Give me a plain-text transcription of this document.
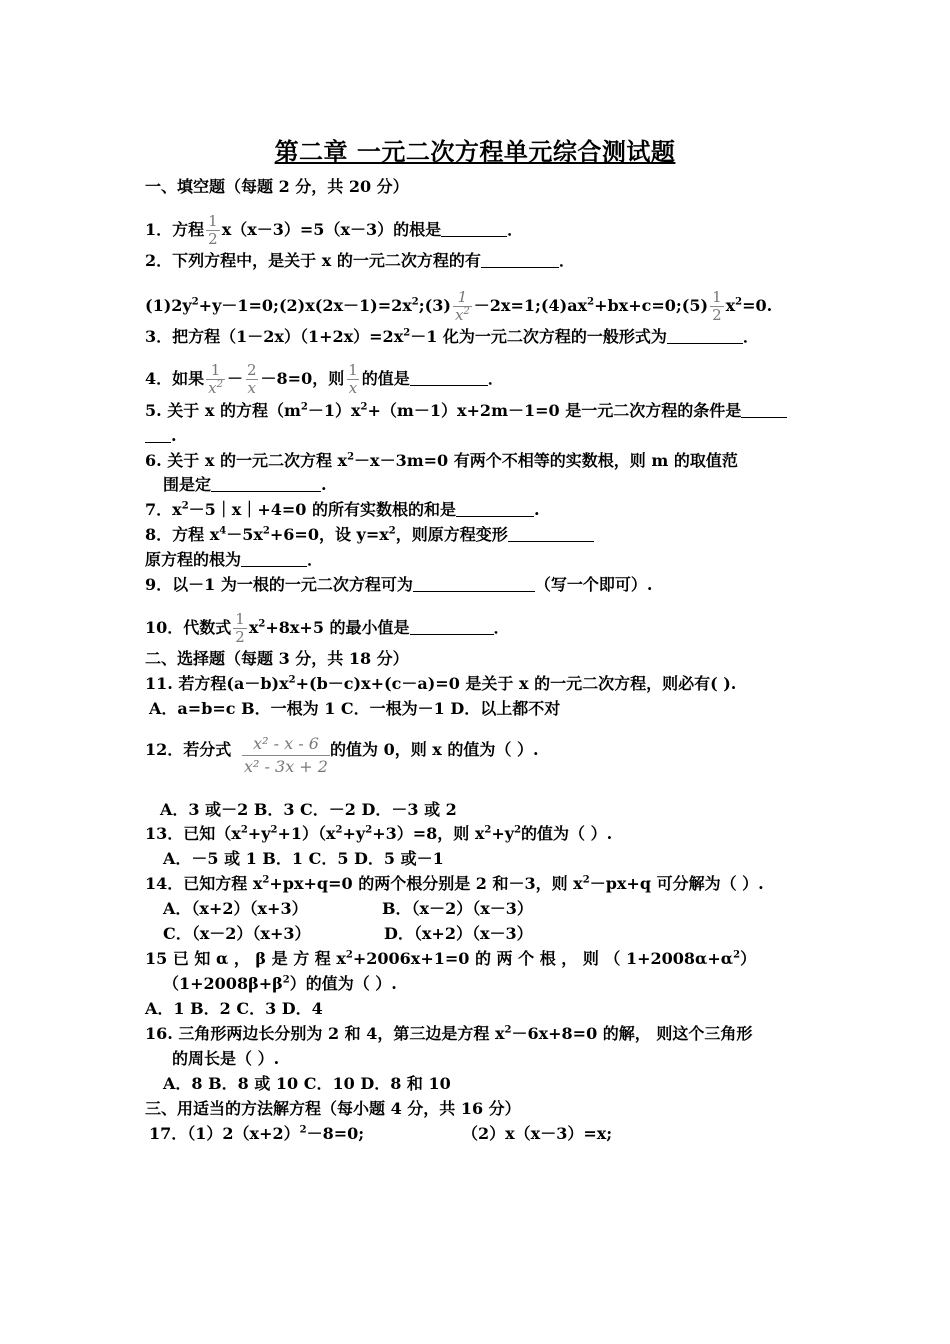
第二章 一元二次方程单元综合测试题
一、填空题（每题 2 分，共 20 分）
1．方程 $\frac{1}{2} x(x-3)=5(x-3)$的根是	．
2．下列方程中，是关于 x 的一元二次方程的有	．
$(1)2y^2+y-1=0;(2)x(2x-1)=2x^2;(3) \frac{1}{x^2}$ $-2x=1;(4)ax^2+bx+c=0;(5) \frac{1}{2} x^2=0$.
3．把方程$(1-2x)(1+2x)=2x^2-1$ 化为一元二次方程的一般形式为	．
4．如果 $\frac{1}{x^2} - \frac{2}{x} -8=0$，则 $\frac{1}{x}$ 的值是	．
5. 关于 x 的方程$(m^2-1)x^2+(m-1)x+2m-1=0$ 是一元二次方程的条件是
.
6. 关于 x 的一元二次方程 $x^2-x-3m=0$ 有两个不相等的实数根，则 m 的取值范
围是定	.
7．$x^2-5|x|+4=0$ 的所有实数根的和是	.
8．方程 $x^4-5x^2+6=0$，设 $y=x^2$，则原方程变形
原方程的根为	．
9．以－1 为一根的一元二次方程可为	（写一个即可）.
10．代数式 $\frac{1}{2} x^2+8x+5$ 的最小值是	．
二、选择题（每题 3 分，共 18 分）
11. 若方程$(a-b)x^2+(b-c)x+(c-a)=0$ 是关于 x 的一元二次方程，则必有( ).
A．a=b=c B．一根为 1 C．一根为－1 D．以上都不对
12．若分式 $\frac{\text{x² - x - 6}}{\text{x² - 3x + 2}}$ 的值为 0，则 x 的值为（ ）.
A．3 或－2 B．3 C．－2 D．－3 或 2
13．已知$(x^2+y^2+1)(x^2+y^2+3)=8$，则 $x^2+y^2$的值为（ ）.
A．－5 或 1 B．1 C．5 D．5 或－1
14．已知方程 $x^2+px+q=0$ 的两个根分别是 2 和－3，则 $x^2-px+q$ 可分解为（ ）.
A．（x+2）（x+3）	B．（x－2）（x－3）
C．（x－2）（x+3）	D．（x+2）（x－3）
15 已 知 α ， β 是 方 程 $x^2+2006x+1=0$ 的 两 个 根 ， 则 （ $1+2008\alpha+\alpha^2$）
$(1+2008\beta+\beta^2)$的值为（ ）.
A．1 B．2 C．3 D．4
16. 三角形两边长分别为 2 和 4，第三边是方程 $x^2-6x+8=0$ 的解， 则这个三角形
的周长是（ ）.
A．8 B．8 或 10 C．10 D．8 和 10
三、用适当的方法解方程（每小题 4 分，共 16 分）
17．$(1)2(x+2)^2-8=0$;	（2）x（x－3）=x;
